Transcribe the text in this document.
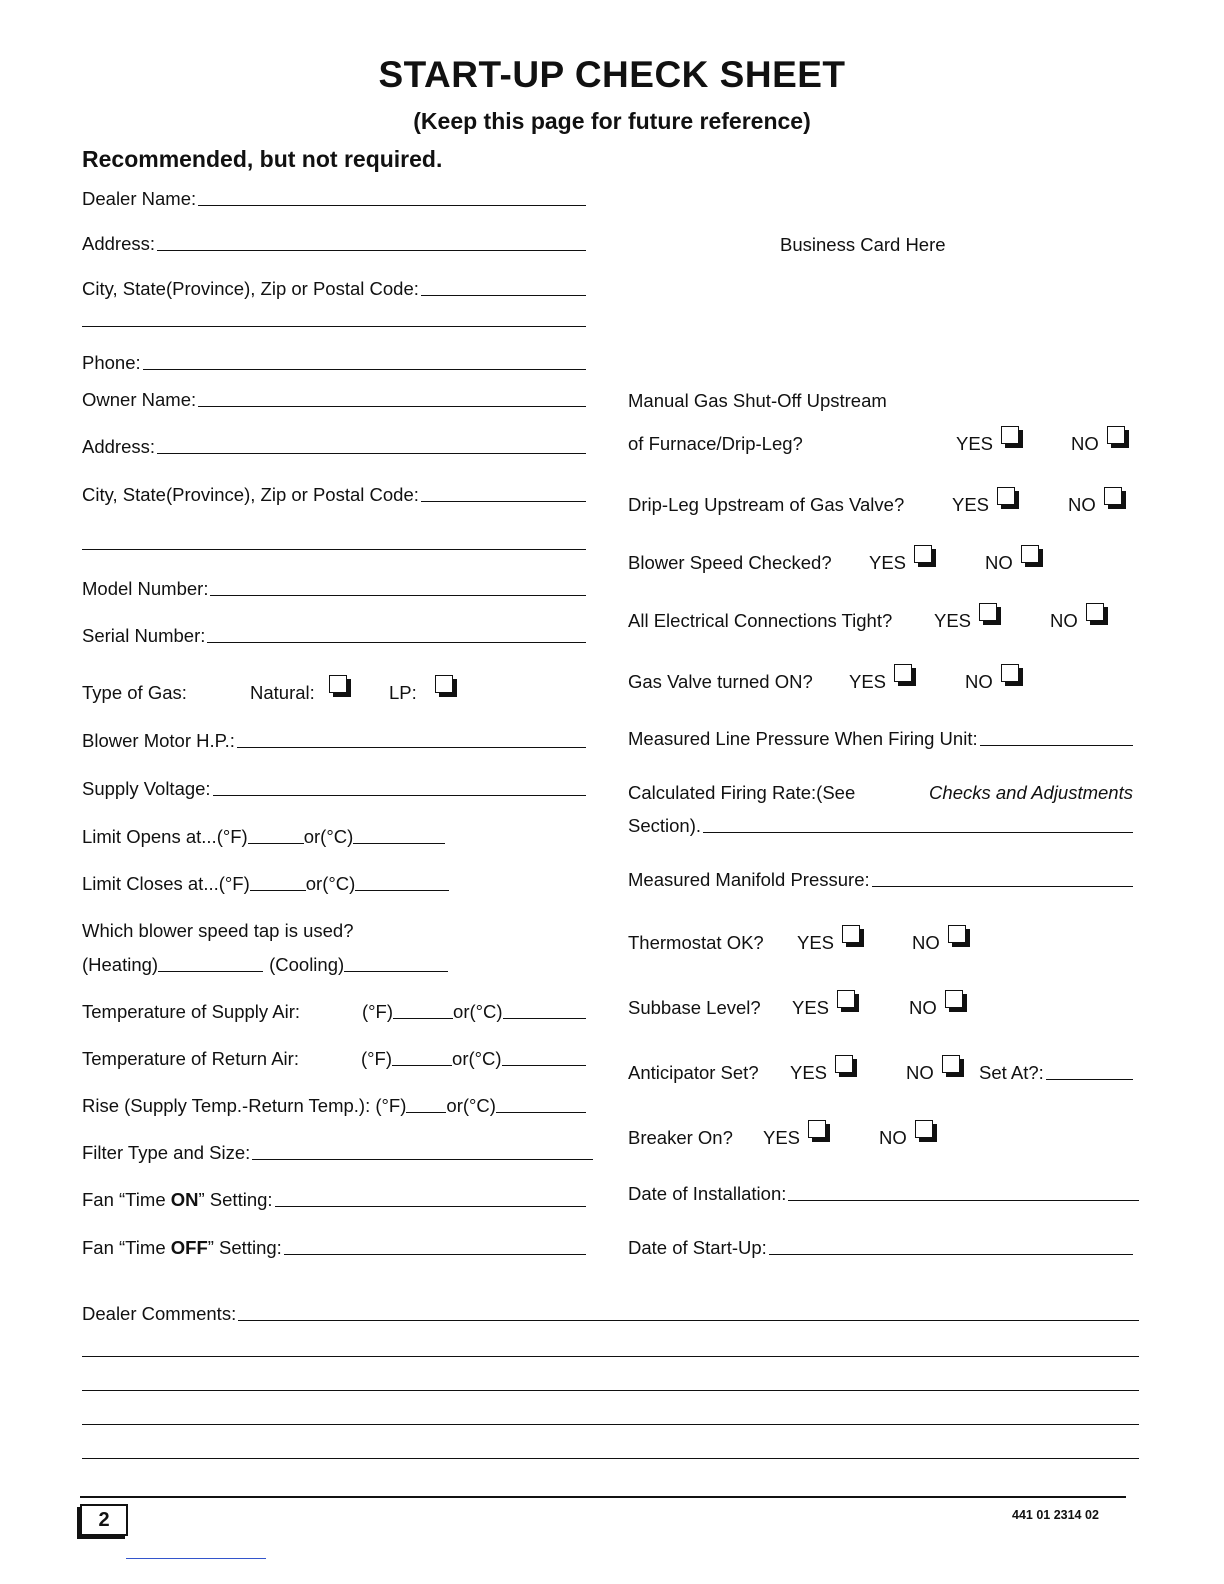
START-UP CHECK SHEET
(Keep this page for future reference)
Recommended, but not required.
Business Card Here
Dealer Name:
Address:
City, State(Province), Zip or Postal Code:
Phone:
Owner Name:
Address:
City, State(Province), Zip or Postal Code:
Model Number:
Serial Number:
Type of Gas:	Natural:	LP:
Blower Motor H.P.:
Supply Voltage:
Limit Opens at...(°F)	or(°C)
Limit Closes at...(°F)	or(°C)
Which blower speed tap is used?
(Heating)	(Cooling)
Temperature of Supply Air:	(°F)	or(°C)
Temperature of Return Air:	(°F)	or(°C)
Rise (Supply Temp.-Return Temp.): (°F) or(°C)
Filter Type and Size:
Fan “Time ON” Setting:
Fan “Time OFF” Setting:
Manual Gas Shut-Off Upstream
of Furnace/Drip-Leg?	YES	NO
Drip-Leg Upstream of Gas Valve?	YES	NO
Blower Speed Checked? YES	NO
All Electrical Connections Tight? YES	NO
Gas Valve turned ON? YES	NO
Measured Line Pressure When Firing Unit:
Calculated Firing Rate:(See	Checks and Adjustments
Section).
Measured Manifold Pressure:
Thermostat OK? YES	NO
Subbase Level? YES	NO
Anticipator Set? YES	NO	Set At?:
Breaker On? YES	NO
Date of Installation:
Date of Start-Up:
Dealer Comments:
2	441 01 2314 02
